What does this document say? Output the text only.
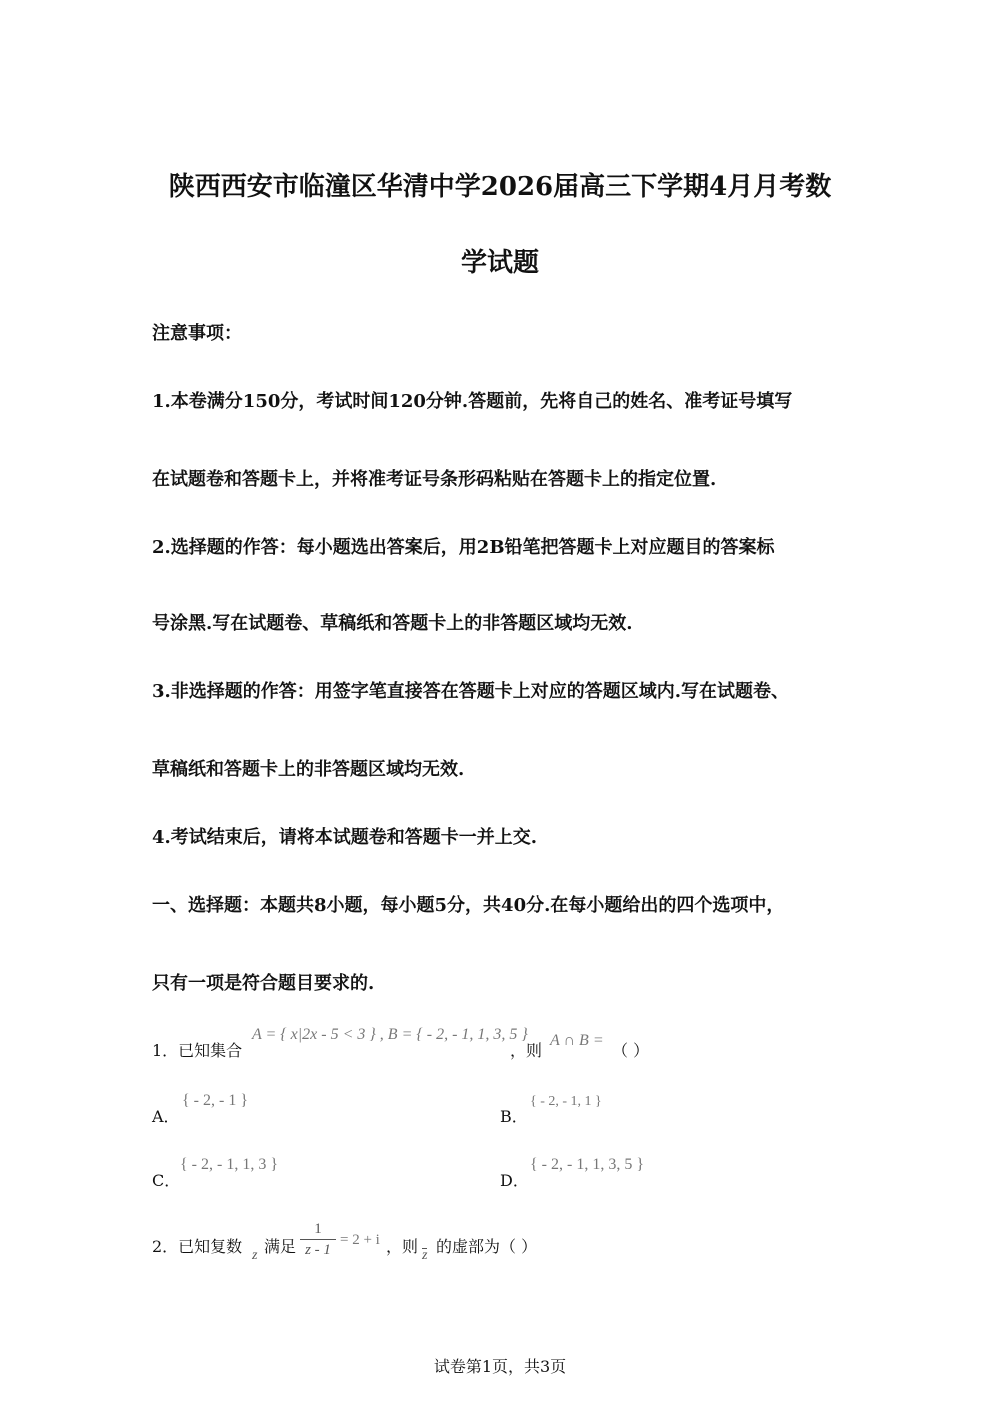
陕西西安市临潼区华清中学2026届高三下学期4月月考数
学试题
注意事项：
1.本卷满分150分，考试时间120分钟.答题前，先将自己的姓名、准考证号填写
在试题卷和答题卡上，并将准考证号条形码粘贴在答题卡上的指定位置.
2.选择题的作答：每小题选出答案后，用2B铅笔把答题卡上对应题目的答案标
号涂黑.写在试题卷、草稿纸和答题卡上的非答题区域均无效.
3.非选择题的作答：用签字笔直接答在答题卡上对应的答题区域内.写在试题卷、
草稿纸和答题卡上的非答题区域均无效.
4.考试结束后，请将本试题卷和答题卡一并上交.
一、选择题：本题共8小题，每小题5分，共40分.在每小题给出的四个选项中，
只有一项是符合题目要求的.
1．已知集合
A = { x|2x - 5 < 3 } , B = { - 2, - 1, 1, 3, 5 }
，则
A ∩ B =
（ ）
A．
{ - 2, - 1 }
B．
{ - 2, - 1, 1 }
C．
{ - 2, - 1, 1, 3 }
D．
{ - 2, - 1, 1, 3, 5 }
2．已知复数 z 满足
1
z - 1
= 2 + i ，则 z 的虚部为（ ）
试卷第1页，共3页
